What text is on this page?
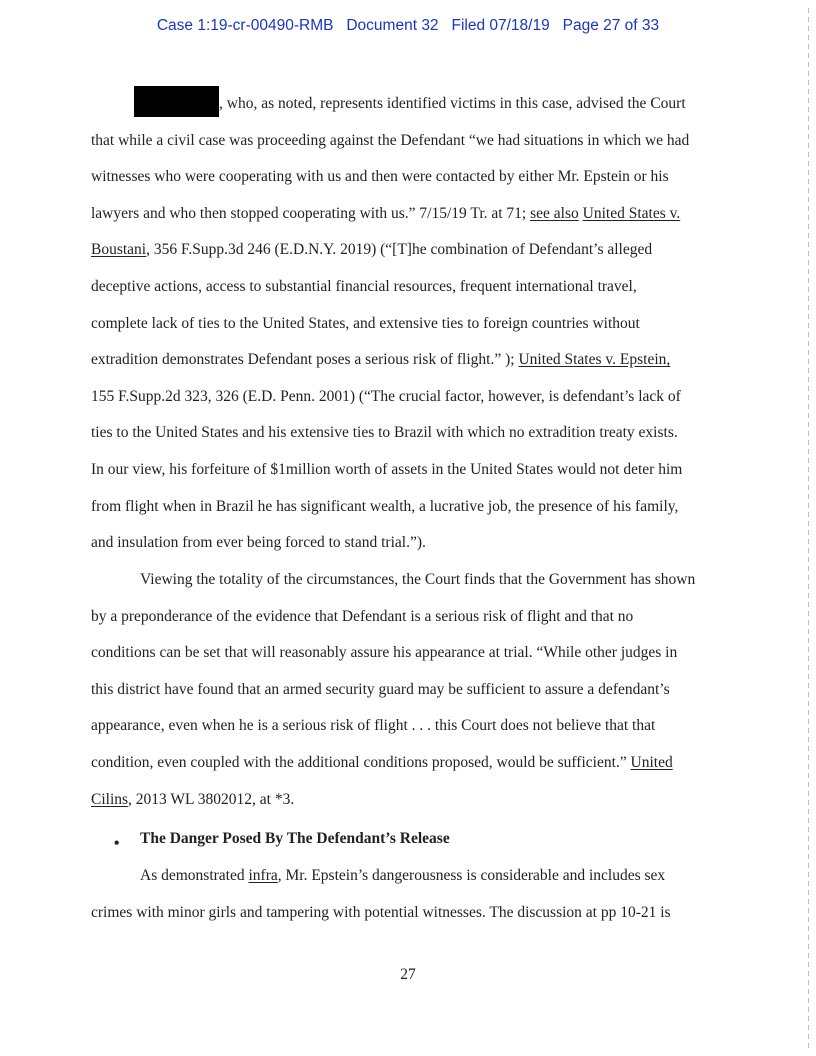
Case 1:19-cr-00490-RMB   Document 32   Filed 07/18/19   Page 27 of 33
, who, as noted, represents identified victims in this case, advised the Court
that while a civil case was proceeding against the Defendant “we had situations in which we had
witnesses who were cooperating with us and then were contacted by either Mr. Epstein or his
lawyers and who then stopped cooperating with us.” 7/15/19 Tr. at 71; see also United States v.
Boustani, 356 F.Supp.3d 246 (E.D.N.Y. 2019) (“[T]he combination of Defendant’s alleged
deceptive actions, access to substantial financial resources, frequent international travel,
complete lack of ties to the United States, and extensive ties to foreign countries without
extradition demonstrates Defendant poses a serious risk of flight.” ); United States v. Epstein,
155 F.Supp.2d 323, 326 (E.D. Penn. 2001) (“The crucial factor, however, is defendant’s lack of
ties to the United States and his extensive ties to Brazil with which no extradition treaty exists.
In our view, his forfeiture of $1million worth of assets in the United States would not deter him
from flight when in Brazil he has significant wealth, a lucrative job, the presence of his family,
and insulation from ever being forced to stand trial.”).
Viewing the totality of the circumstances, the Court finds that the Government has shown
by a preponderance of the evidence that Defendant is a serious risk of flight and that no
conditions can be set that will reasonably assure his appearance at trial. “While other judges in
this district have found that an armed security guard may be sufficient to assure a defendant’s
appearance, even when he is a serious risk of flight . . . this Court does not believe that that
condition, even coupled with the additional conditions proposed, would be sufficient.” United
Cilins, 2013 WL 3802012, at *3.
• The Danger Posed By The Defendant’s Release
As demonstrated infra, Mr. Epstein’s dangerousness is considerable and includes sex
crimes with minor girls and tampering with potential witnesses. The discussion at pp 10-21 is
27
